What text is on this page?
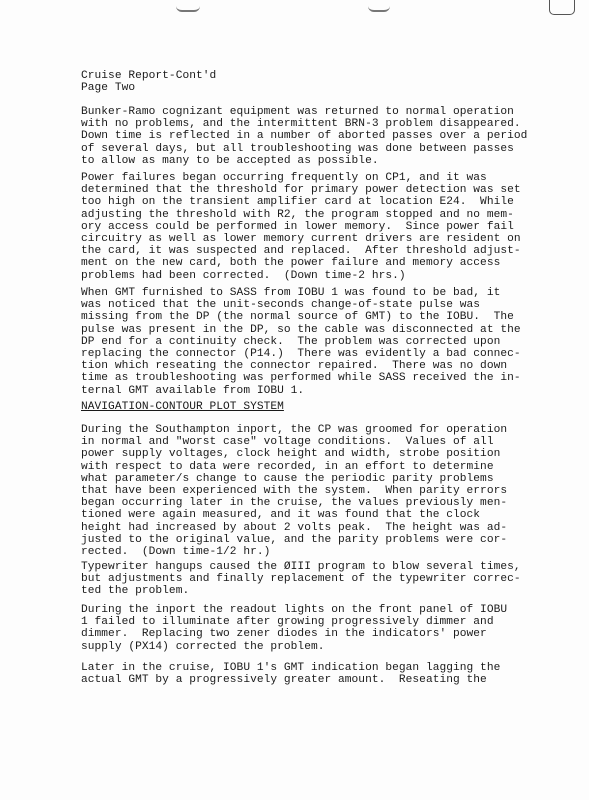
Cruise Report-Cont'd

Page Two

Bunker-Ramo cognizant equipment was returned to normal operation
with no problems, and the intermittent BRN-3 problem disappeared.
Down time is reflected in a number of aborted passes over a period
of several days, but all troubleshooting was done between passes
to allow as many to be accepted as possible.

Power failures began occurring frequently on CP1, and it was
determined that the threshold for primary power detection was set
too high on the transient amplifier card at location E24.  While
adjusting the threshold with R2, the program stopped and no mem-
ory access could be performed in lower memory.  Since power fail
circuitry as well as lower memory current drivers are resident on
the card, it was suspected and replaced.  After threshold adjust-
ment on the new card, both the power failure and memory access
problems had been corrected.  (Down time-2 hrs.)

When GMT furnished to SASS from IOBU 1 was found to be bad, it
was noticed that the unit-seconds change-of-state pulse was
missing from the DP (the normal source of GMT) to the IOBU.  The
pulse was present in the DP, so the cable was disconnected at the
DP end for a continuity check.  The problem was corrected upon
replacing the connector (P14.)  There was evidently a bad connec-
tion which reseating the connector repaired.  There was no down
time as troubleshooting was performed while SASS received the in-
ternal GMT available from IOBU 1.

NAVIGATION-CONTOUR PLOT SYSTEM

During the Southampton inport, the CP was groomed for operation
in normal and "worst case" voltage conditions.  Values of all
power supply voltages, clock height and width, strobe position
with respect to data were recorded, in an effort to determine
what parameter/s change to cause the periodic parity problems
that have been experienced with the system.  When parity errors
began occurring later in the cruise, the values previously men-
tioned were again measured, and it was found that the clock
height had increased by about 2 volts peak.  The height was ad-
justed to the original value, and the parity problems were cor-
rected.  (Down time-1/2 hr.)

Typewriter hangups caused the ØIII program to blow several times,
but adjustments and finally replacement of the typewriter correc-
ted the problem.

During the inport the readout lights on the front panel of IOBU
1 failed to illuminate after growing progressively dimmer and
dimmer.  Replacing two zener diodes in the indicators' power
supply (PX14) corrected the problem.

Later in the cruise, IOBU 1's GMT indication began lagging the
actual GMT by a progressively greater amount.  Reseating the
